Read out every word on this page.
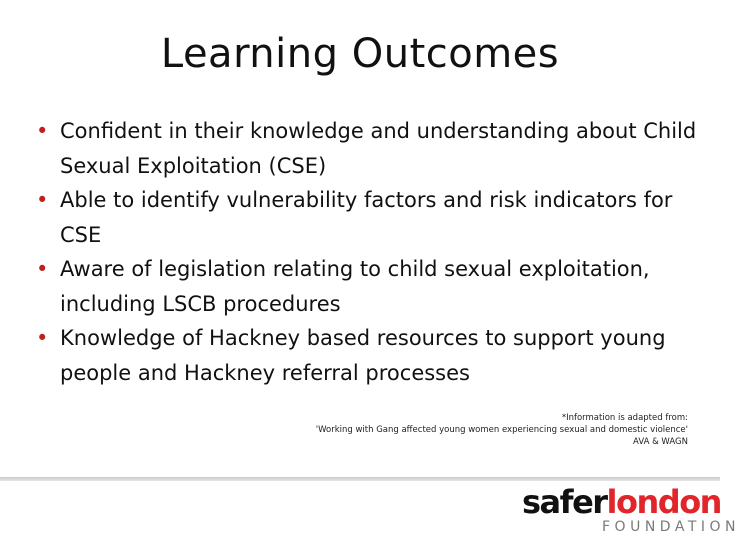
Learning Outcomes
• Confident in their knowledge and understanding about Child Sexual Exploitation (CSE)
• Able to identify vulnerability factors and risk indicators for CSE
• Aware of legislation relating to child sexual exploitation, including LSCB procedures
• Knowledge of Hackney based resources to support young people and Hackney referral processes
*Information is adapted from:
'Working with Gang affected young women experiencing sexual and domestic violence'
AVA & WAGN
saferlondon
FOUNDATION
